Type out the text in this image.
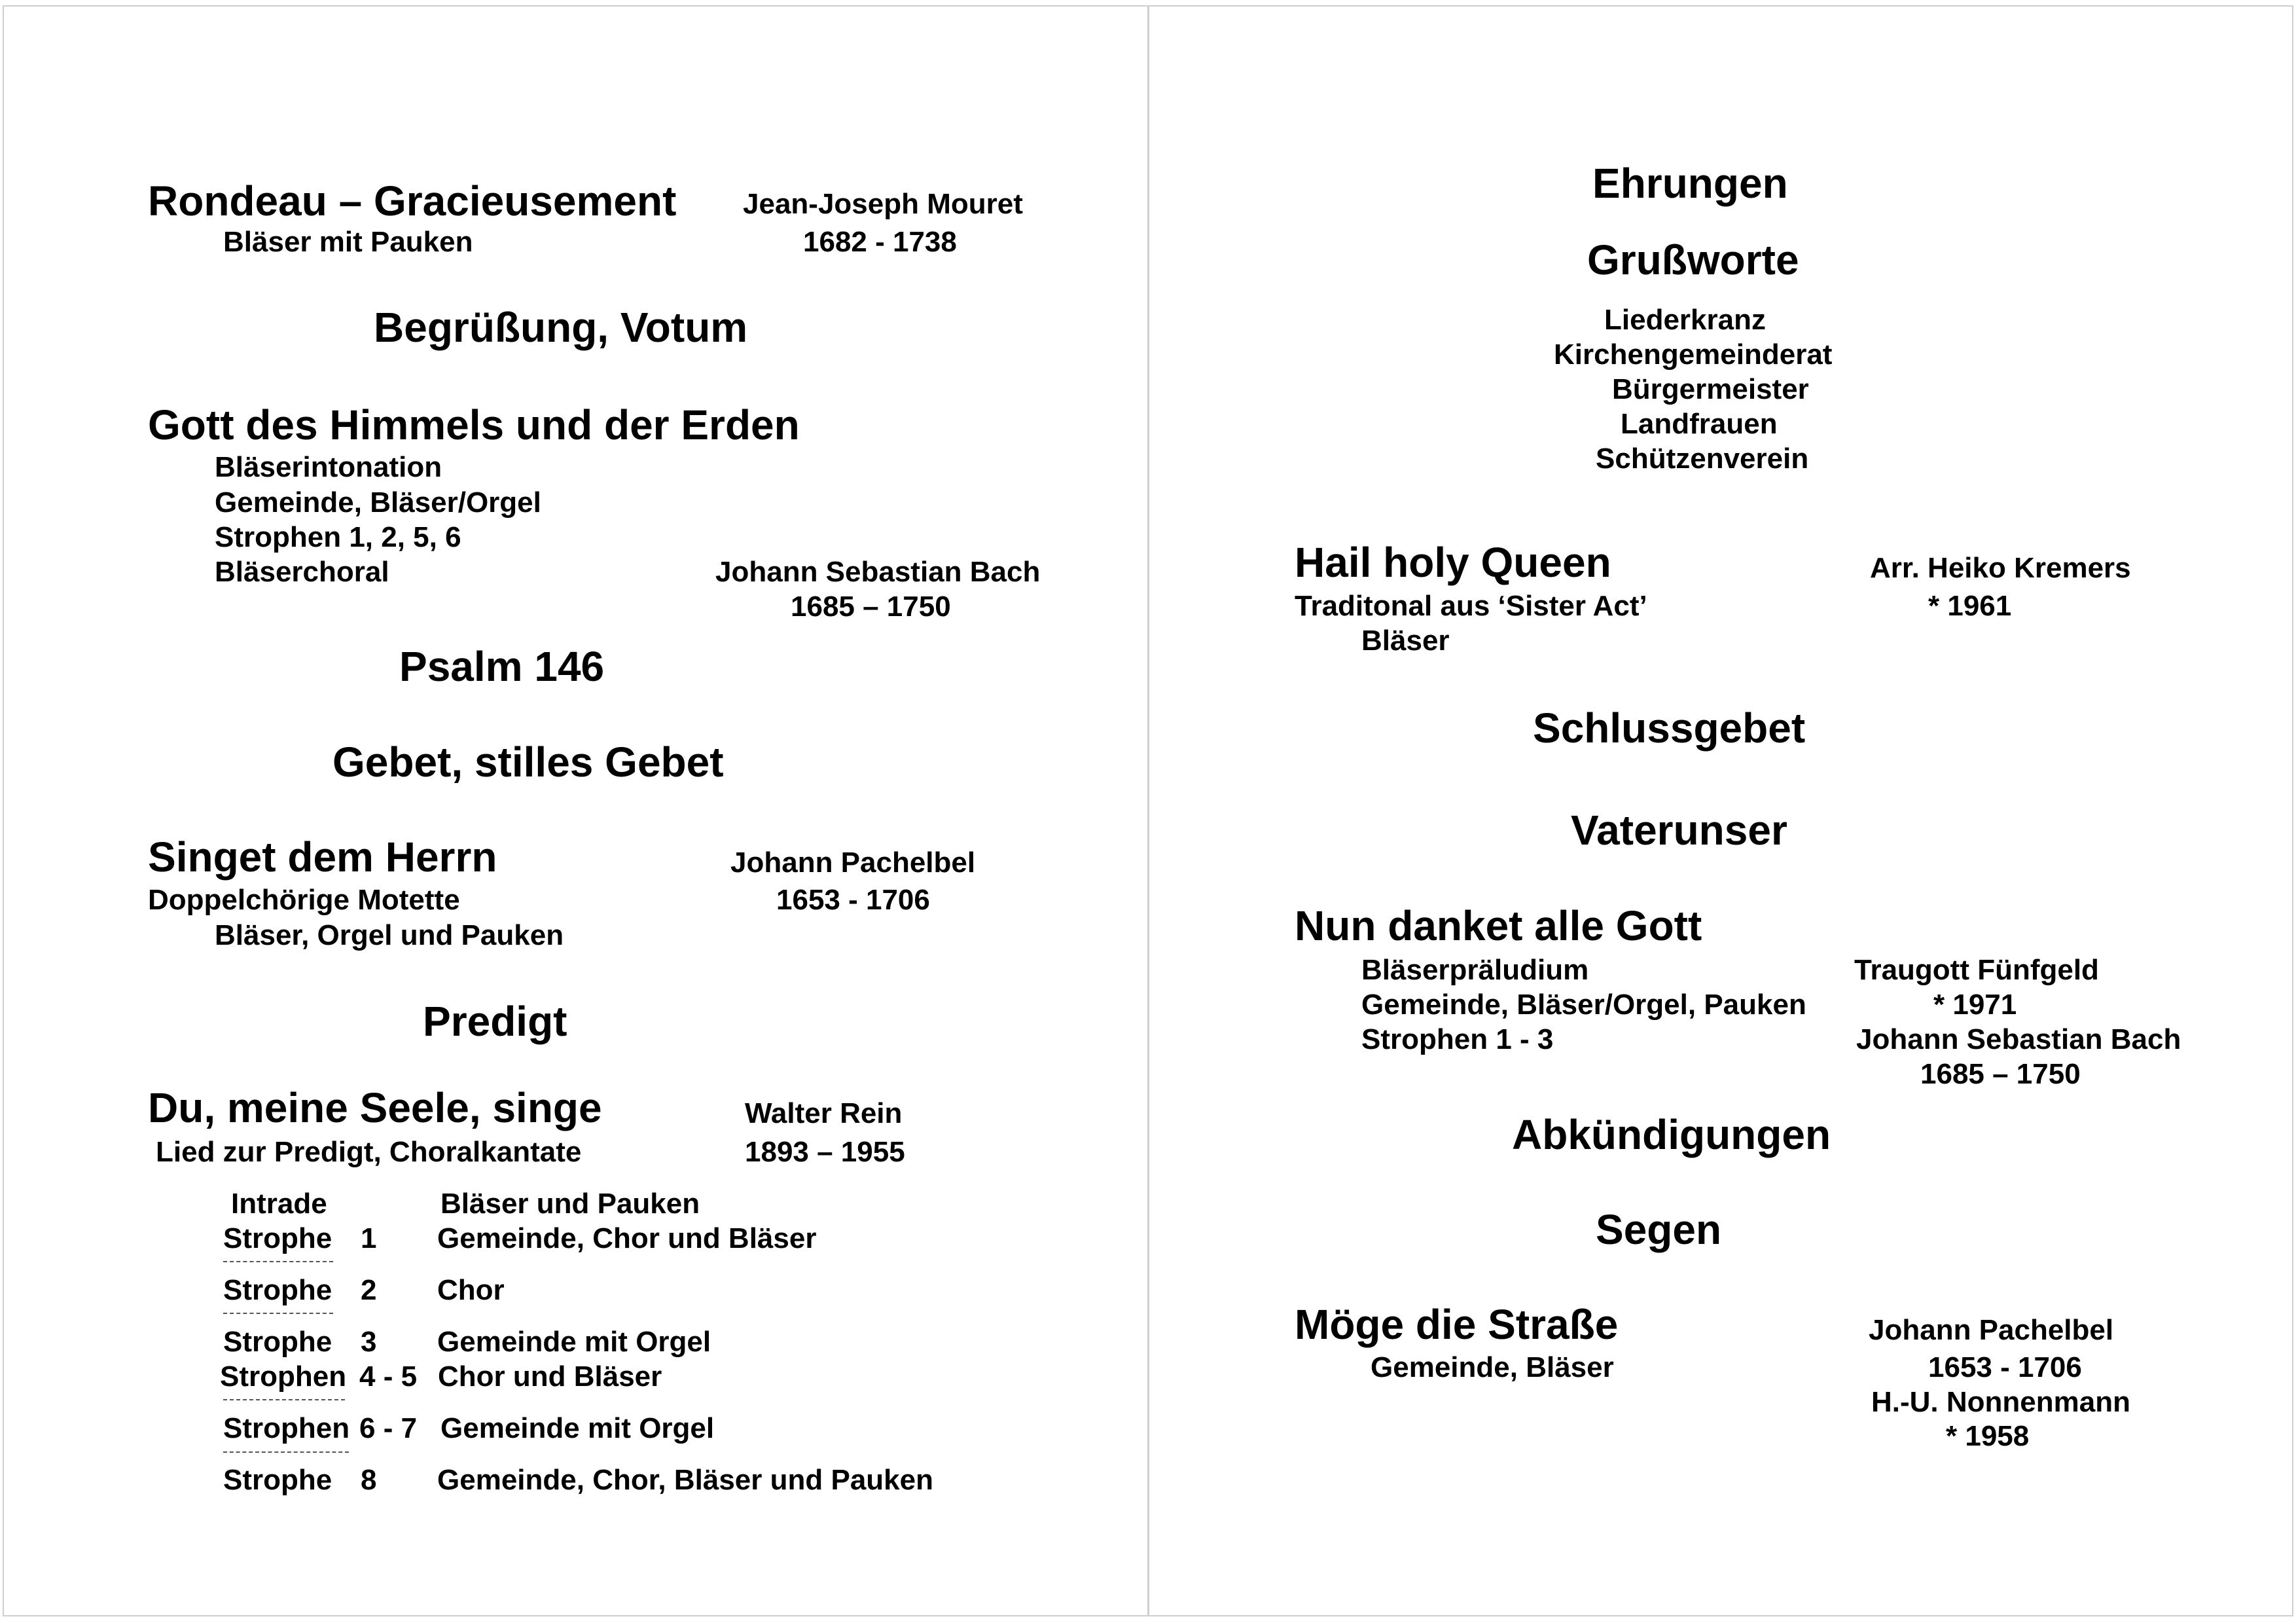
Rondeau – Gracieusement Jean-Joseph Mouret
Bläser mit Pauken	1682 - 1738
Begrüßung, Votum
Gott des Himmels und der Erden
Bläserintonation
Gemeinde, Bläser/Orgel
Strophen 1, 2, 5, 6
Bläserchoral	Johann Sebastian Bach
1685 – 1750
Psalm 146
Gebet, stilles Gebet
Singet dem Herrn	Johann Pachelbel
Doppelchörige Motette	1653 - 1706
Bläser, Orgel und Pauken
Predigt
Du, meine Seele, singe	Walter Rein
Lied zur Predigt, Choralkantate	1893 – 1955
Intrade	Bläser und Pauken
Strophe 1 Gemeinde, Chor und Bläser
Strophe 2 Chor
Strophe 3 Gemeinde mit Orgel
Strophen 4 - 5 Chor und Bläser
Strophen 6 - 7 Gemeinde mit Orgel
Strophe 8 Gemeinde, Chor, Bläser und Pauken
Ehrungen
Grußworte
Liederkranz
Kirchengemeinderat
Bürgermeister
Landfrauen
Schützenverein
Hail holy Queen	Arr. Heiko Kremers
Traditonal aus ‘Sister Act’	* 1961
Bläser
Schlussgebet
Vaterunser
Nun danket alle Gott
Bläserpräludium	Traugott Fünfgeld
Gemeinde, Bläser/Orgel, Pauken	* 1971
Strophen 1 - 3	Johann Sebastian Bach
1685 – 1750
Abkündigungen
Segen
Möge die Straße	Johann Pachelbel
Gemeinde, Bläser	1653 - 1706
H.-U. Nonnenmann
* 1958
